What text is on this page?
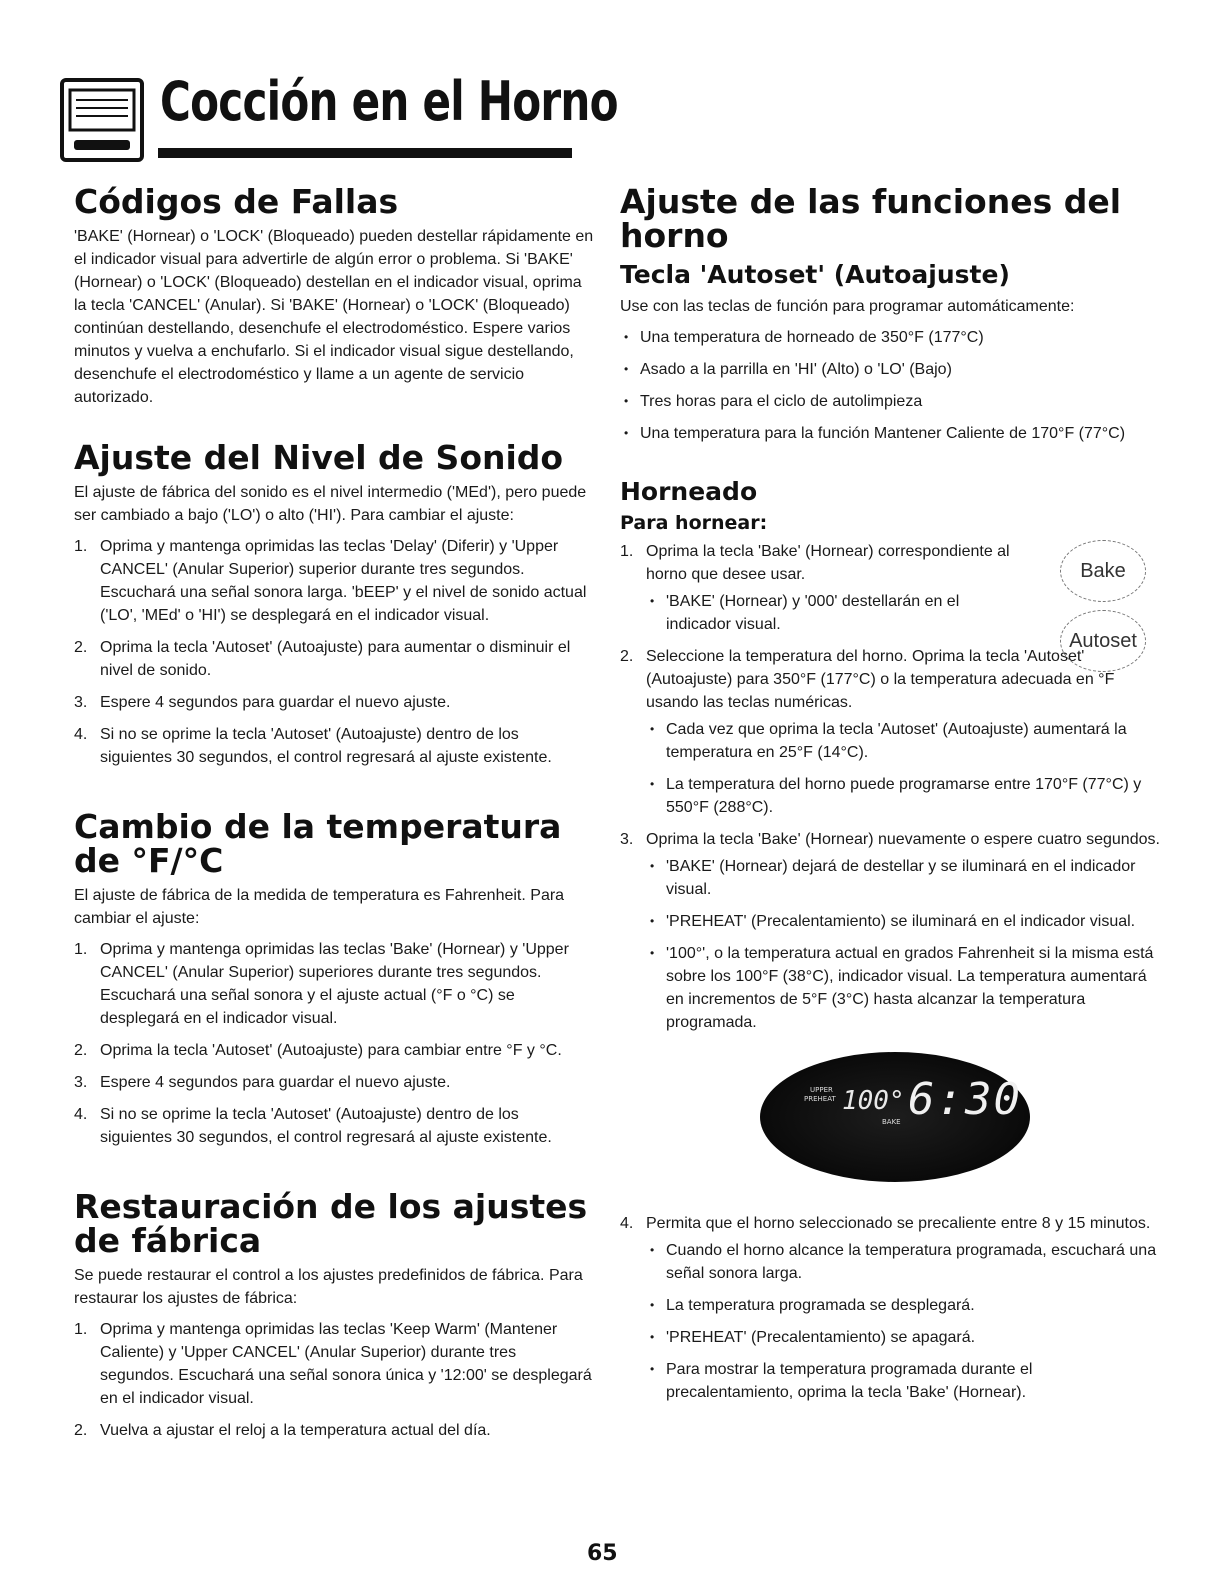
Cocción en el Horno
Códigos de Fallas

'BAKE' (Hornear) o 'LOCK' (Bloqueado) pueden destellar rápidamente en el indicador visual para advertirle de algún error o problema. Si 'BAKE' (Hornear) o 'LOCK' (Bloqueado) destellan en el indicador visual, oprima la tecla 'CANCEL' (Anular). Si 'BAKE' (Hornear) o 'LOCK' (Bloqueado) continúan destellando, desenchufe el electrodoméstico. Espere varios minutos y vuelva a enchufarlo. Si el indicador visual sigue destellando, desenchufe el electrodoméstico y llame a un agente de servicio autorizado.

Ajuste del Nivel de Sonido

El ajuste de fábrica del sonido es el nivel intermedio ('MEd'), pero puede ser cambiado a bajo ('LO') o alto ('HI'). Para cambiar el ajuste:

1. Oprima y mantenga oprimidas las teclas 'Delay' (Diferir) y 'Upper CANCEL' (Anular Superior) superior durante tres segundos. Escuchará una señal sonora larga. 'bEEP' y el nivel de sonido actual ('LO', 'MEd' o 'HI') se desplegará en el indicador visual.
2. Oprima la tecla 'Autoset' (Autoajuste) para aumentar o disminuir el nivel de sonido.
3. Espere 4 segundos para guardar el nuevo ajuste.
4. Si no se oprime la tecla 'Autoset' (Autoajuste) dentro de los siguientes 30 segundos, el control regresará al ajuste existente.
Cambio de la temperatura
de °F/°C

El ajuste de fábrica de la medida de temperatura es Fahrenheit. Para cambiar el ajuste:

1. Oprima y mantenga oprimidas las teclas 'Bake' (Hornear) y 'Upper CANCEL' (Anular Superior) superiores durante tres segundos. Escuchará una señal sonora y el ajuste actual (°F o °C) se desplegará en el indicador visual.
2. Oprima la tecla 'Autoset' (Autoajuste) para cambiar entre °F y °C.
3. Espere 4 segundos para guardar el nuevo ajuste.
4. Si no se oprime la tecla 'Autoset' (Autoajuste) dentro de los siguientes 30 segundos, el control regresará al ajuste existente.
Restauración de los ajustes
de fábrica

Se puede restaurar el control a los ajustes predefinidos de fábrica. Para restaurar los ajustes de fábrica:

1. Oprima y mantenga oprimidas las teclas 'Keep Warm' (Mantener Caliente) y 'Upper CANCEL' (Anular Superior) durante tres segundos. Escuchará una señal sonora única y '12:00' se desplegará en el indicador visual.
2. Vuelva a ajustar el reloj a la temperatura actual del día.
Ajuste de las funciones del
horno
Tecla 'Autoset' (Autoajuste)

Use con las teclas de función para programar automáticamente:

• Una temperatura de horneado de 350°F (177°C)
• Asado a la parrilla en 'HI' (Alto) o 'LO' (Bajo)
• Tres horas para el ciclo de autolimpieza
• Una temperatura para la función Mantener Caliente de 170°F (77°C)
Horneado
Para hornear:
Bake
Autoset
1. Oprima la tecla 'Bake' (Hornear) correspondiente al horno que desee usar.
• 'BAKE' (Hornear) y '000' destellarán en el indicador visual.
2. Seleccione la temperatura del horno. Oprima la tecla 'Autoset' (Autoajuste) para 350°F (177°C) o la temperatura adecuada en °F usando las teclas numéricas.
• Cada vez que oprima la tecla 'Autoset' (Autoajuste) aumentará la temperatura en 25°F (14°C).
• La temperatura del horno puede programarse entre 170°F (77°C) y 550°F (288°C).
3. Oprima la tecla 'Bake' (Hornear) nuevamente o espere cuatro segundos.
• 'BAKE' (Hornear) dejará de destellar y se iluminará en el indicador visual.
• 'PREHEAT' (Precalentamiento) se iluminará en el indicador visual.
• '100°', o la temperatura actual en grados Fahrenheit si la misma está sobre los 100°F (38°C), indicador visual. La temperatura aumentará en incrementos de 5°F (3°C) hasta alcanzar la temperatura programada.
UPPER
PREHEAT 100°
BAKE 6:30
4. Permita que el horno seleccionado se precaliente entre 8 y 15 minutos.
• Cuando el horno alcance la temperatura programada, escuchará una señal sonora larga.
• La temperatura programada se desplegará.
• 'PREHEAT' (Precalentamiento) se apagará.
• Para mostrar la temperatura programada durante el precalentamiento, oprima la tecla 'Bake' (Hornear).
65
